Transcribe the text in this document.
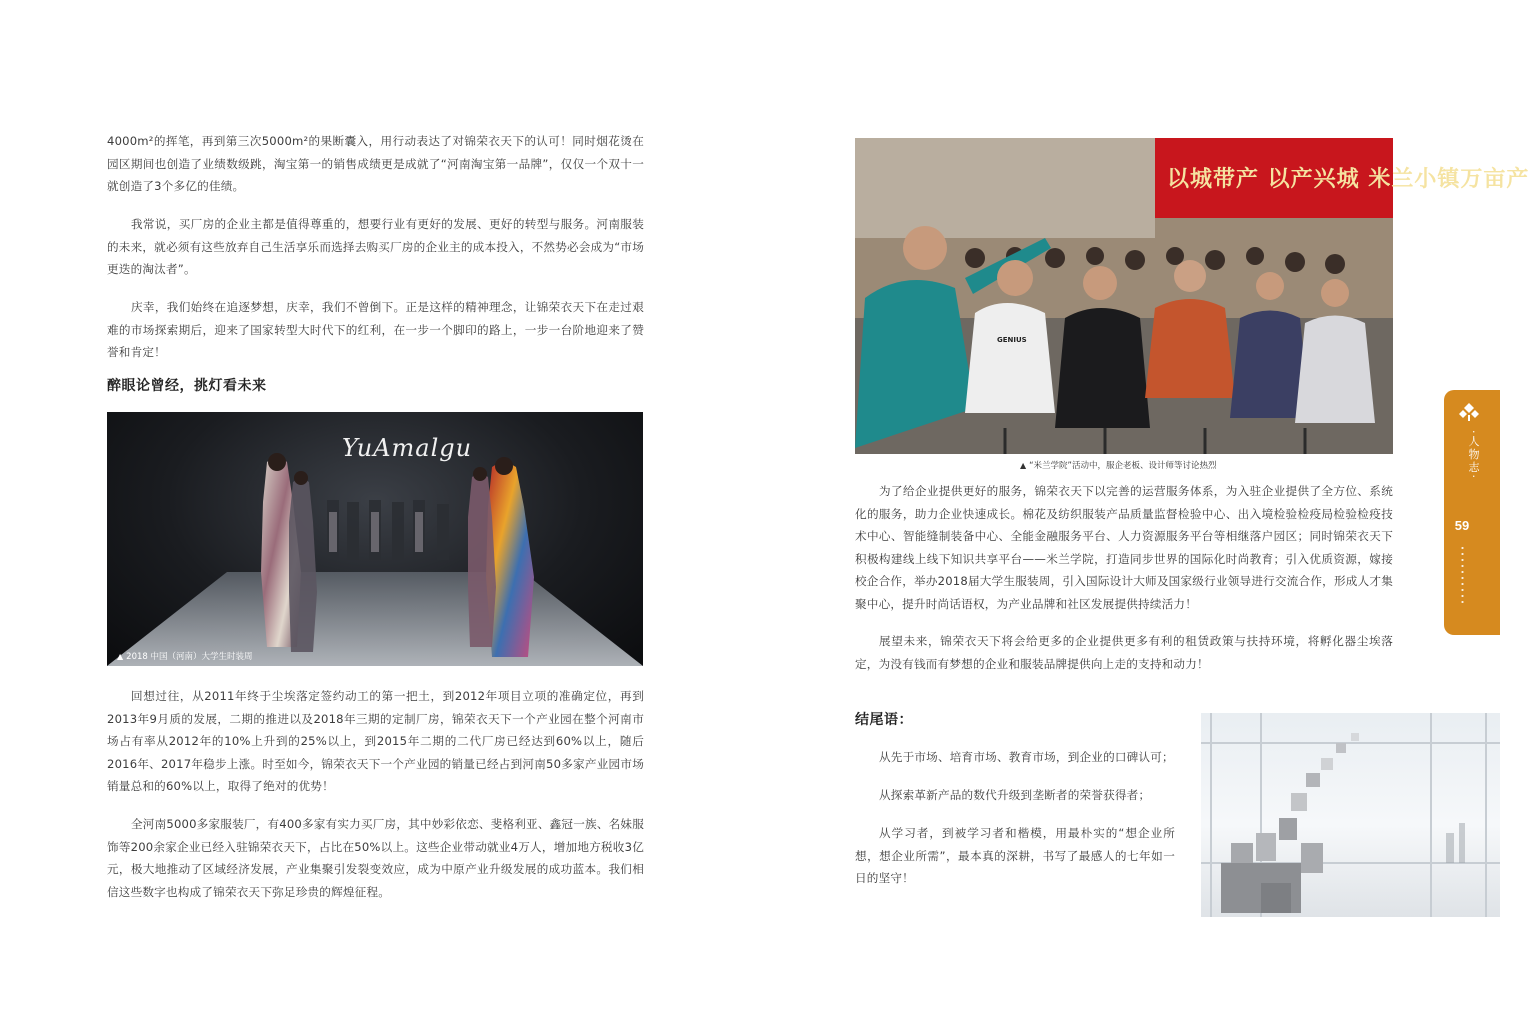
4000m²的挥笔，再到第三次5000m²的果断囊入，用行动表达了对锦荣衣天下的认可！同时烟花烫在园区期间也创造了业绩数级跳，淘宝第一的销售成绩更是成就了“河南淘宝第一品牌”，仅仅一个双十一就创造了3个多亿的佳绩。

我常说，买厂房的企业主都是值得尊重的，想要行业有更好的发展、更好的转型与服务。河南服装的未来，就必须有这些放弃自己生活享乐而选择去购买厂房的企业主的成本投入，不然势必会成为“市场更迭的淘汰者”。

庆幸，我们始终在追逐梦想，庆幸，我们不曾倒下。正是这样的精神理念，让锦荣衣天下在走过艰难的市场探索期后，迎来了国家转型大时代下的红利，在一步一个脚印的路上，一步一台阶地迎来了赞誉和肯定！

醉眼论曾经，挑灯看未来
YuAmalgu
▲ 2018 中国（河南）大学生时装周

回想过往，从2011年终于尘埃落定签约动工的第一把土，到2012年项目立项的准确定位，再到2013年9月质的发展，二期的推进以及2018年三期的定制厂房，锦荣衣天下一个产业园在整个河南市场占有率从2012年的10%上升到的25%以上，到2015年二期的二代厂房已经达到60%以上，随后2016年、2017年稳步上涨。时至如今，锦荣衣天下一个产业园的销量已经占到河南50多家产业园市场销量总和的60%以上，取得了绝对的优势！

全河南5000多家服装厂，有400多家有实力买厂房，其中妙彩依恋、斐格利亚、鑫冠一族、名妹服饰等200余家企业已经入驻锦荣衣天下，占比在50%以上。这些企业带动就业4万人，增加地方税收3亿元，极大地推动了区域经济发展，产业集聚引发裂变效应，成为中原产业升级发展的成功蓝本。我们相信这些数字也构成了锦荣衣天下弥足珍贵的辉煌征程。

以城带产 以产兴城 米兰小镇万亩产
GENIUS
▲ “米兰学院”活动中，服企老板、设计师等讨论热烈

为了给企业提供更好的服务，锦荣衣天下以完善的运营服务体系，为入驻企业提供了全方位、系统化的服务，助力企业快速成长。棉花及纺织服装产品质量监督检验中心、出入境检验检疫局检验检疫技术中心、智能缝制装备中心、全能金融服务平台、人力资源服务平台等相继落户园区；同时锦荣衣天下积极构建线上线下知识共享平台——米兰学院，打造同步世界的国际化时尚教育；引入优质资源，嫁接校企合作，举办2018届大学生服装周，引入国际设计大师及国家级行业领导进行交流合作，形成人才集聚中心，提升时尚话语权，为产业品牌和社区发展提供持续活力！

展望未来，锦荣衣天下将会给更多的企业提供更多有利的租赁政策与扶持环境，将孵化器尘埃落定，为没有钱而有梦想的企业和服装品牌提供向上走的支持和动力！

结尾语：

从先于市场、培育市场、教育市场，到企业的口碑认可；

从探索革新产品的数代升级到垄断者的荣誉获得者；

从学习者，到被学习者和楷模，用最朴实的“想企业所想，想企业所需”，最本真的深耕，书写了最感人的七年如一日的坚守！

·人物志·
59
